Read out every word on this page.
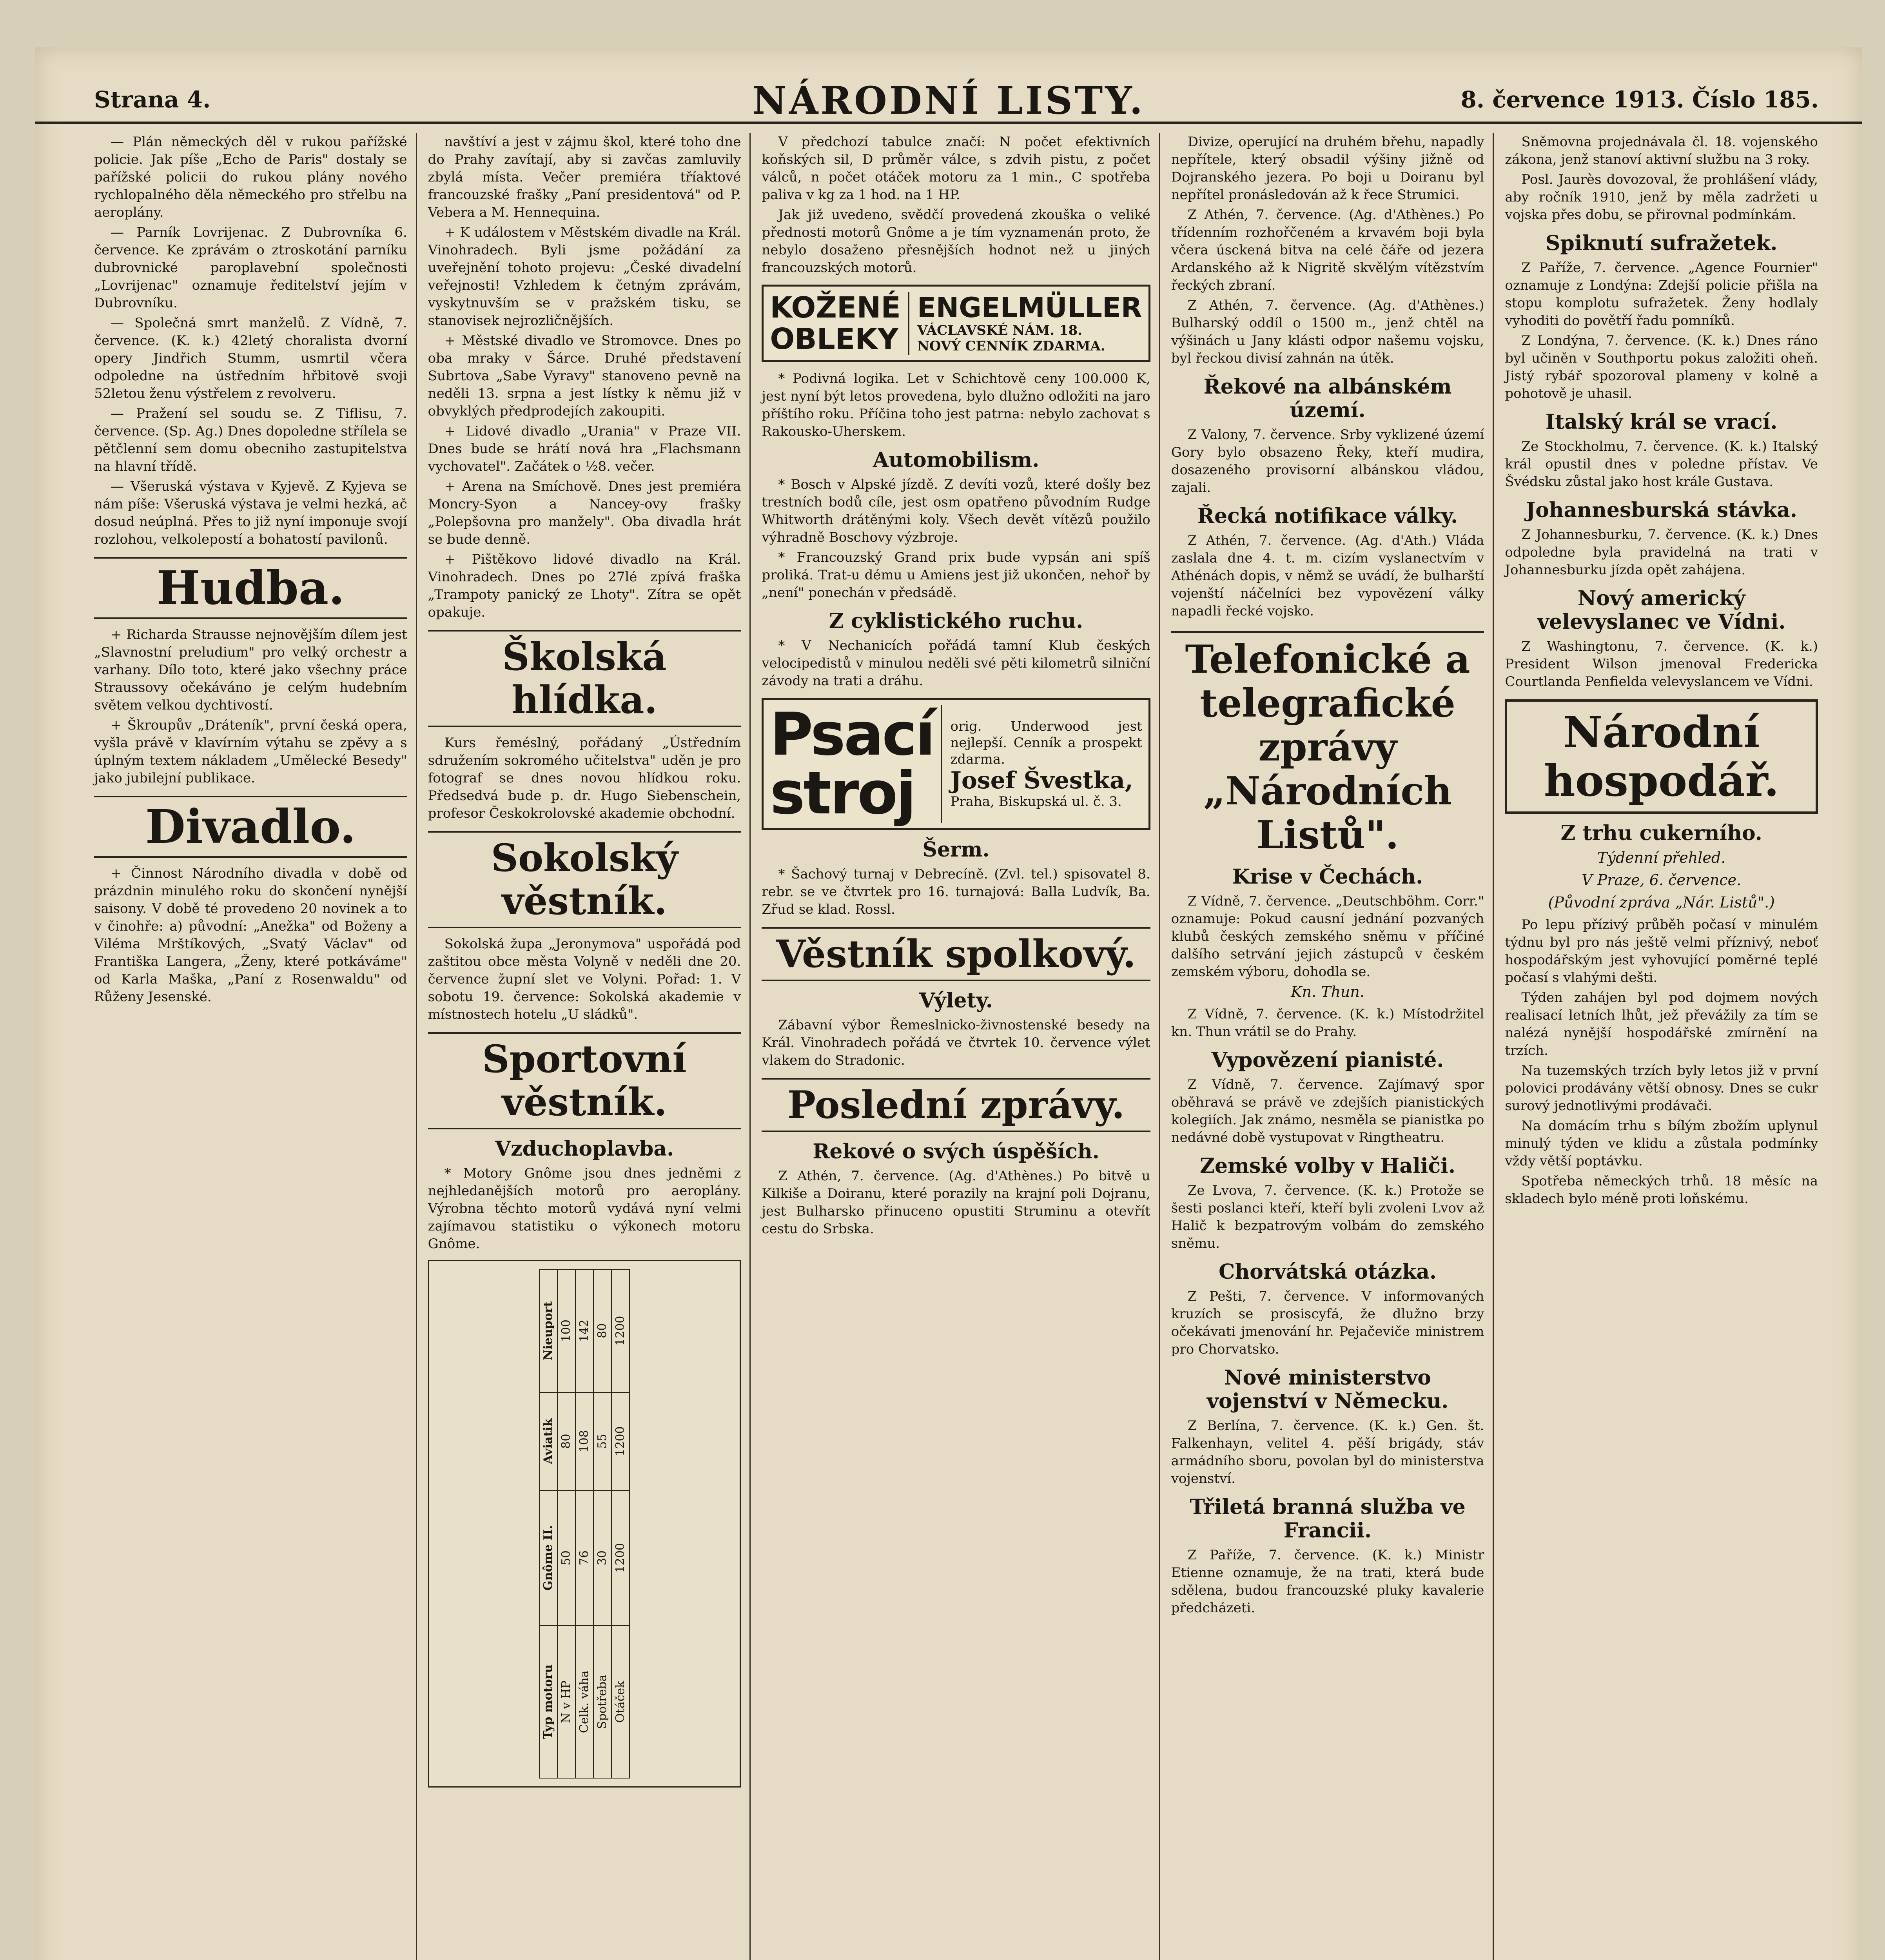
Strana 4.	NÁRODNÍ LISTY.	8. července 1913. Číslo 185.

— Plán německých děl v rukou pařížské policie. Jak píše „Echo de Paris" dostaly se pařížské policii do rukou plány nového rychlopalného děla německého pro střelbu na aeroplány.

— Parník Lovrijenac. Z Dubrovníka 6. července. Ke zprávám o ztroskotání parníku dubrovnické paroplavební společnosti „Lovrijenac" oznamuje ředitelství jejím v Dubrovníku.

— Společná smrt manželů. Z Vídně, 7. července. (K. k.) 42letý choralista dvorní opery Jindřich Stumm, usmrtil včera odpoledne na ústředním hřbitově svoji 52letou ženu výstřelem z revolveru.

— Pražení sel soudu se. Z Tiflisu, 7. července. (Sp. Ag.) Dnes dopoledne střílela se pětčlenní sem domu obecniho zastupitelstva na hlavní třídě.

— Všeruská výstava v Kyjevě. Z Kyjeva se nám píše: Všeruská výstava je velmi hezká, ač dosud neúplná. Přes to již nyní imponuje svojí rozlohou, velkolepostí a bohatostí pavilonů.

Hudba.

+ Richarda Strausse nejnovějším dílem jest „Slavnostní preludium" pro velký orchestr a varhany. Dílo toto, které jako všechny práce Straussovy očekáváno je celým hudebním světem velkou dychtivostí.

+ Škroupův „Dráteník", první česká opera, vyšla právě v klavírním výtahu se zpěvy a s úplným textem nákladem „Umělecké Besedy" jako jubilejní publikace.

Divadlo.

+ Činnost Národního divadla v době od prázdnin minulého roku do skončení nynější saisony. V době té provedeno 20 novinek a to v činohře: a) původní: „Anežka" od Boženy a Viléma Mrštíkových, „Svatý Václav" od Františka Langera, „Ženy, které potkáváme" od Karla Maška, „Paní z Rosenwaldu" od Růženy Jesenské.

navštíví a jest v zájmu škol, které toho dne do Prahy zavítají, aby si zavčas zamluvily zbylá místa. Večer premiéra tříaktové francouzské frašky „Paní presidentová" od P. Vebera a M. Hennequina.

+ K událostem v Městském divadle na Král. Vinohradech. Byli jsme požádání za uveřejnění tohoto projevu: „České divadelní veřejnosti! Vzhledem k četným zprávám, vyskytnuvším se v pražském tisku, se stanovisek nejrozličnějších.

+ Městské divadlo ve Stromovce. Dnes po oba mraky v Šárce. Druhé představení Subrtova „Sabe Vyravy" stanoveno pevně na neděli 13. srpna a jest lístky k němu již v obvyklých předprodejích zakoupiti.

+ Lidové divadlo „Urania" v Praze VII. Dnes bude se hrátí nová hra „Flachsmann vychovatel". Začátek o ½8. večer.

+ Arena na Smíchově. Dnes jest premiéra Moncry-Syon a Nancey-ovy frašky „Polepšovna pro manžely". Oba divadla hrát se bude denně.

+ Pištěkovo lidové divadlo na Král. Vinohradech. Dnes po 27lé zpívá fraška „Trampoty panický ze Lhoty". Zítra se opět opakuje.

Školská hlídka.

Kurs řeméslný, pořádaný „Ústředním sdružením sokromého učitelstva" uděn je pro fotograf se dnes novou hlídkou roku. Předsedvá bude p. dr. Hugo Siebenschein, profesor Českokrolovské akademie obchodní.

Sokolský věstník.

Sokolská župa „Jeronymova" uspořádá pod zaštitou obce města Volyně v neděli dne 20. července župní slet ve Volyni. Pořad: 1. V sobotu 19. července: Sokolská akademie v místnostech hotelu „U sládků".

Sportovní věstník.
Vzduchoplavba.

* Motory Gnôme jsou dnes jedněmi z nejhledanějších motorů pro aeroplány. Výrobna těchto motorů vydává nyní velmi zajímavou statistiku o výkonech motoru Gnôme.

Typ motoru	Gnôme II.	Aviatik	Nieuport
N v HP	50	80	100
Celk. váha	76	108	142
Spotřeba	30	55	80
Otáček	1200	1200	1200

V předchozí tabulce značí: N počet efektivních koňských sil, D průměr válce, s zdvih pistu, z počet válců, n počet otáček motoru za 1 min., C spotřeba paliva v kg za 1 hod. na 1 HP.

Jak již uvedeno, svědčí provedená zkouška o veliké přednosti motorů Gnôme a je tím vyznamenán proto, že nebylo dosaženo přesnějších hodnot než u jiných francouzských motorů.

KOŽENÉ OBLEKY
ENGELMÜLLER
VÁCLAVSKÉ NÁM. 18.
NOVÝ CENNÍK ZDARMA.

* Podivná logika. Let v Schichtově ceny 100.000 K, jest nyní být letos provedena, bylo dlužno odložiti na jaro příštího roku. Příčina toho jest patrna: nebylo zachovat s Rakousko-Uherskem.

Automobilism.

* Bosch v Alpské jízdě. Z devíti vozů, které došly bez trestních bodů cíle, jest osm opatřeno původním Rudge Whitworth drátěnými koly. Všech devět vítězů použilo výhradně Boschovy výzbroje.

* Francouzský Grand prix bude vypsán ani spíš proliká. Trat-u dému u Amiens jest již ukončen, nehoř by „není" ponechán v předsádě.

Z cyklistického ruchu.

* V Nechanicích pořádá tamní Klub českých velocipedistů v minulou neděli své pěti kilometrů silniční závody na trati a dráhu.

Psací stroj
orig. Underwood jest nejlepší. Cenník a prospekt zdarma.
Josef Švestka,
Praha, Biskupská ul. č. 3.
Šerm.

* Šachový turnaj v Debrecíně. (Zvl. tel.) spisovatel 8. rebr. se ve čtvrtek pro 16. turnajová: Balla Ludvík, Ba. Zřud se klad. Rossl.

Věstník spolkový.
Výlety.

Zábavní výbor Řemeslnicko-živnostenské besedy na Král. Vinohradech pořádá ve čtvrtek 10. července výlet vlakem do Stradonic.

Poslední zprávy.
Rekové o svých úspěších.

Z Athén, 7. července. (Ag. d'Athènes.) Po bitvě u Kilkiše a Doiranu, které porazily na krajní poli Dojranu, jest Bulharsko přinuceno opustiti Struminu a otevřít cestu do Srbska.

Divize, operující na druhém břehu, napadly nepřítele, který obsadil výšiny jižně od Dojranského jezera. Po boji u Doiranu byl nepřítel pronásledován až k řece Strumici.

Z Athén, 7. července. (Ag. d'Athènes.) Po třídenním rozhořčeném a krvavém boji byla včera úsckená bitva na celé čáře od jezera Ardanského až k Nigritě skvělým vítězstvím řeckých zbraní.

Z Athén, 7. července. (Ag. d'Athènes.) Bulharský oddíl o 1500 m., jenž chtěl na výšinách u Jany klásti odpor našemu vojsku, byl řeckou divisí zahnán na útěk.

Řekové na albánském území.

Z Valony, 7. července. Srby vyklizené území Gory bylo obsazeno Řeky, kteří mudira, dosazeného provisorní albánskou vládou, zajali.

Řecká notifikace války.

Z Athén, 7. července. (Ag. d'Ath.) Vláda zaslala dne 4. t. m. cizím vyslanectvím v Athénách dopis, v němž se uvádí, že bulharští vojenští náčelníci bez vypovězení války napadli řecké vojsko.

Telefonické a telegrafické zprávy „Národních Listů".
Krise v Čechách.

Z Vídně, 7. července. „Deutschböhm. Corr." oznamuje: Pokud causní jednání pozvaných klubů českých zemského sněmu v příčiné dalšího setrvání jejich zástupců v českém zemském výboru, dohodla se.

Kn. Thun.

Z Vídně, 7. července. (K. k.) Místodržitel kn. Thun vrátil se do Prahy.

Vypovězení pianisté.

Z Vídně, 7. července. Zajímavý spor oběhravá se právě ve zdejších pianistických kolegiích. Jak známo, nesměla se pianistka po nedávné době vystupovat v Ringtheatru.

Zemské volby v Haliči.

Ze Lvova, 7. července. (K. k.) Protože se šesti poslanci kteří, kteří byli zvoleni Lvov až Halič k bezpatrovým volbám do zemského sněmu.

Chorvátská otázka.

Z Pešti, 7. července. V informovaných kruzích se prosiscyfá, že dlužno brzy očekávati jmenování hr. Pejačeviče ministrem pro Chorvatsko.

Nové ministerstvo vojenství v Německu.

Z Berlína, 7. července. (K. k.) Gen. št. Falkenhayn, velitel 4. pěší brigády, stáv armádního sboru, povolan byl do ministerstva vojenství.

Třiletá branná služba ve Francii.

Z Paříže, 7. července. (K. k.) Ministr Etienne oznamuje, že na trati, která bude sdělena, budou francouzské pluky kavalerie předcházeti.

Sněmovna projednávala čl. 18. vojenského zákona, jenž stanoví aktivní službu na 3 roky.

Posl. Jaurès dovozoval, že prohlášení vlády, aby ročník 1910, jenž by měla zadržeti u vojska přes dobu, se přirovnal podmínkám.

Spiknutí sufražetek.

Z Paříže, 7. července. „Agence Fournier" oznamuje z Londýna: Zdejší policie přišla na stopu komplotu sufražetek. Ženy hodlaly vyhoditi do povětří řadu pomníků.

Z Londýna, 7. července. (K. k.) Dnes ráno byl učiněn v Southportu pokus založiti oheň. Jistý rybář spozoroval plameny v kolně a pohotově je uhasil.

Italský král se vrací.

Ze Stockholmu, 7. července. (K. k.) Italský král opustil dnes v poledne přístav. Ve Švédsku zůstal jako host krále Gustava.

Johannesburská stávka.

Z Johannesburku, 7. července. (K. k.) Dnes odpoledne byla pravidelná na trati v Johannesburku jízda opět zahájena.

Nový americký velevyslanec ve Vídni.

Z Washingtonu, 7. července. (K. k.) President Wilson jmenoval Fredericka Courtlanda Penfielda velevyslancem ve Vídni.

Národní hospodář.
Z trhu cukerního.
Týdenní přehled.
V Praze, 6. července.
(Původní zpráva „Nár. Listů".)

Po lepu přízivý průběh počasí v minulém týdnu byl pro nás ještě velmi příznivý, neboť hospodářským jest vyhovující poměrné teplé počasí s vlahými dešti.

Týden zahájen byl pod dojmem nových realisací letních lhůt, jež převážily za tím se nalézá nynější hospodářské zmírnění na trzích.

Na tuzemských trzích byly letos již v první polovici prodávány větší obnosy. Dnes se cukr surový jednotlivými prodávači.

Na domácím trhu s bílým zbožím uplynul minulý týden ve klidu a zůstala podmínky vždy větší poptávku.

Spotřeba německých trhů. 18 měsíc na skladech bylo méně proti loňskému.
